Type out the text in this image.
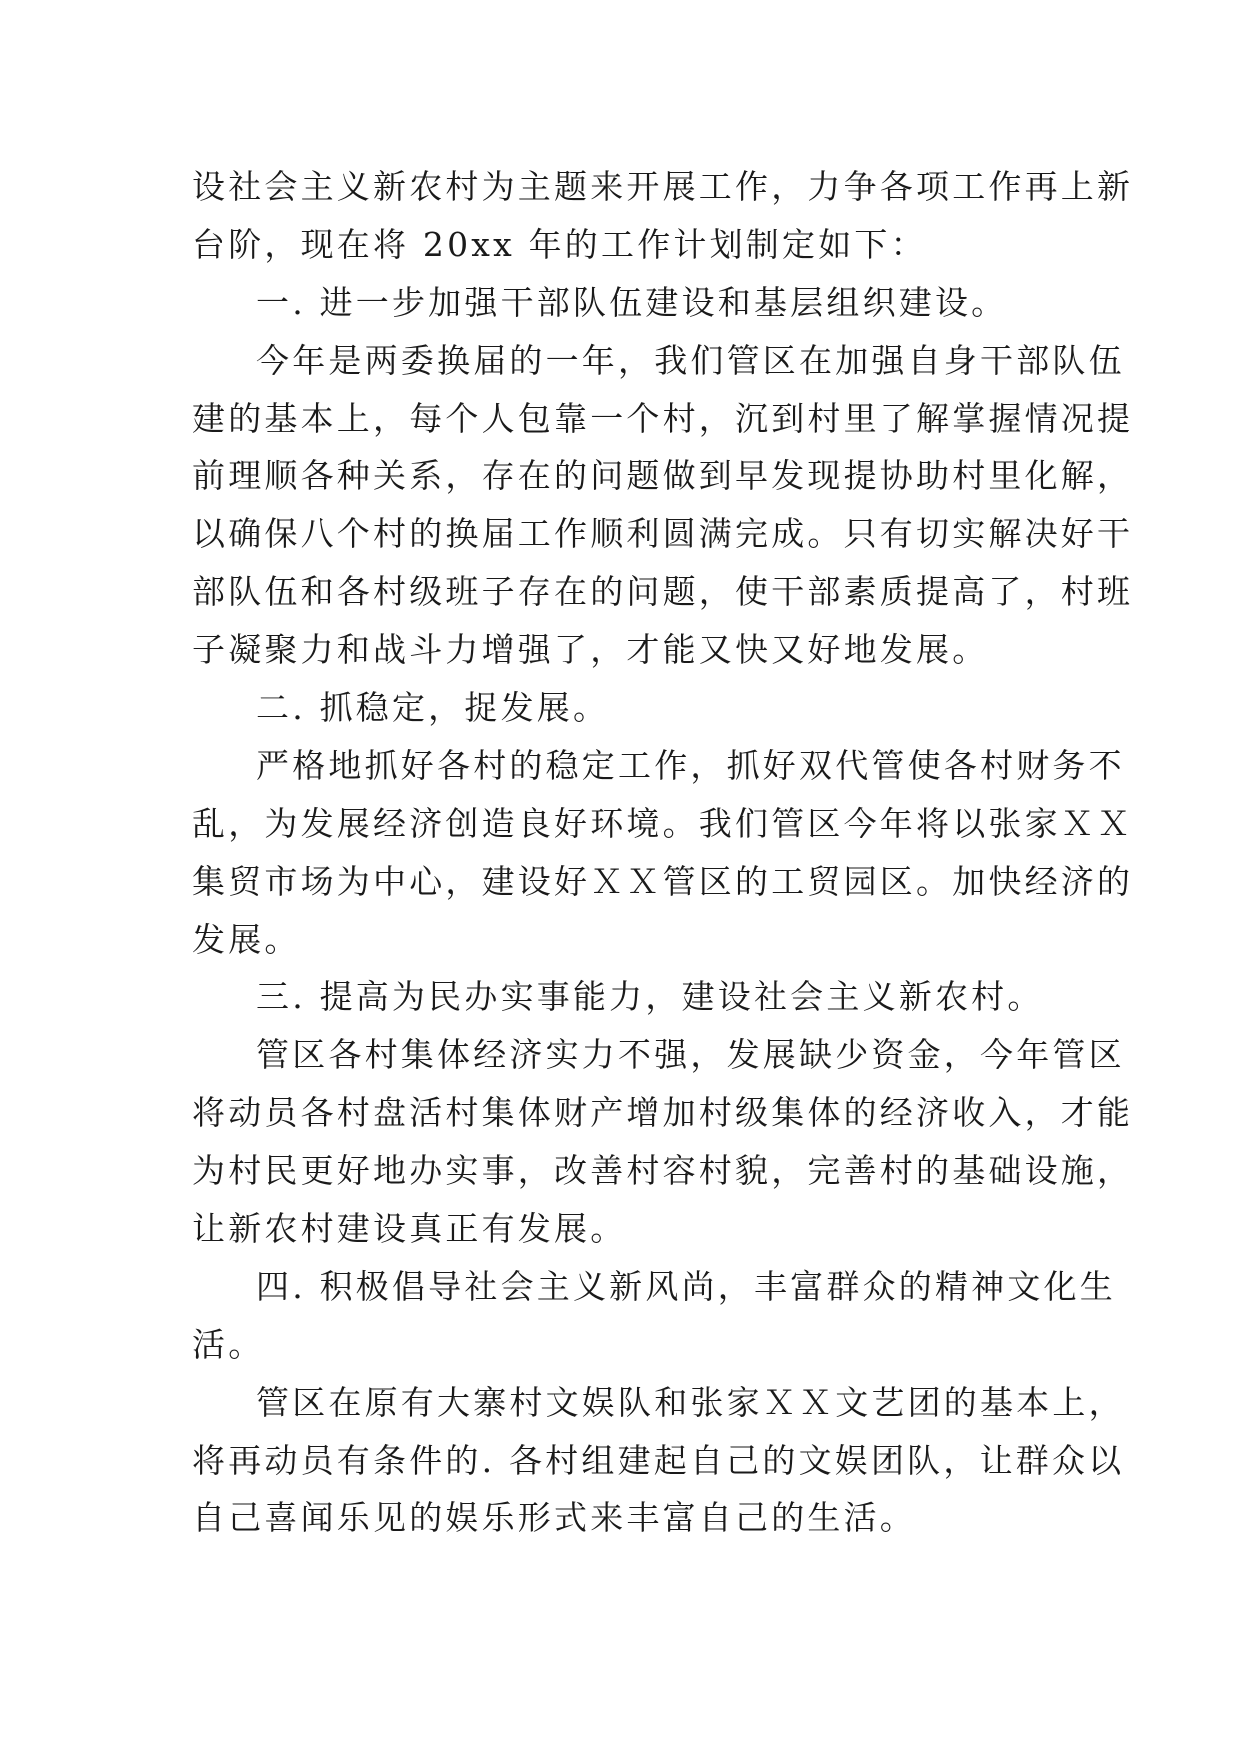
设社会主义新农村为主题来开展工作，力争各项工作再上新
台阶，现在将 20xx 年的工作计划制定如下：
一. 进一步加强干部队伍建设和基层组织建设。
今年是两委换届的一年，我们管区在加强自身干部队伍
建的基本上，每个人包靠一个村，沉到村里了解掌握情况提
前理顺各种关系，存在的问题做到早发现提协助村里化解，
以确保八个村的换届工作顺利圆满完成。只有切实解决好干
部队伍和各村级班子存在的问题，使干部素质提高了，村班
子凝聚力和战斗力增强了，才能又快又好地发展。
二. 抓稳定，捉发展。
严格地抓好各村的稳定工作，抓好双代管使各村财务不
乱，为发展经济创造良好环境。我们管区今年将以张家ＸＸ
集贸市场为中心，建设好ＸＸ管区的工贸园区。加快经济的
发展。
三. 提高为民办实事能力，建设社会主义新农村。
管区各村集体经济实力不强，发展缺少资金，今年管区
将动员各村盘活村集体财产增加村级集体的经济收入，才能
为村民更好地办实事，改善村容村貌，完善村的基础设施，
让新农村建设真正有发展。
四. 积极倡导社会主义新风尚，丰富群众的精神文化生
活。
管区在原有大寨村文娱队和张家ＸＸ文艺团的基本上，
将再动员有条件的. 各村组建起自己的文娱团队，让群众以
自己喜闻乐见的娱乐形式来丰富自己的生活。
